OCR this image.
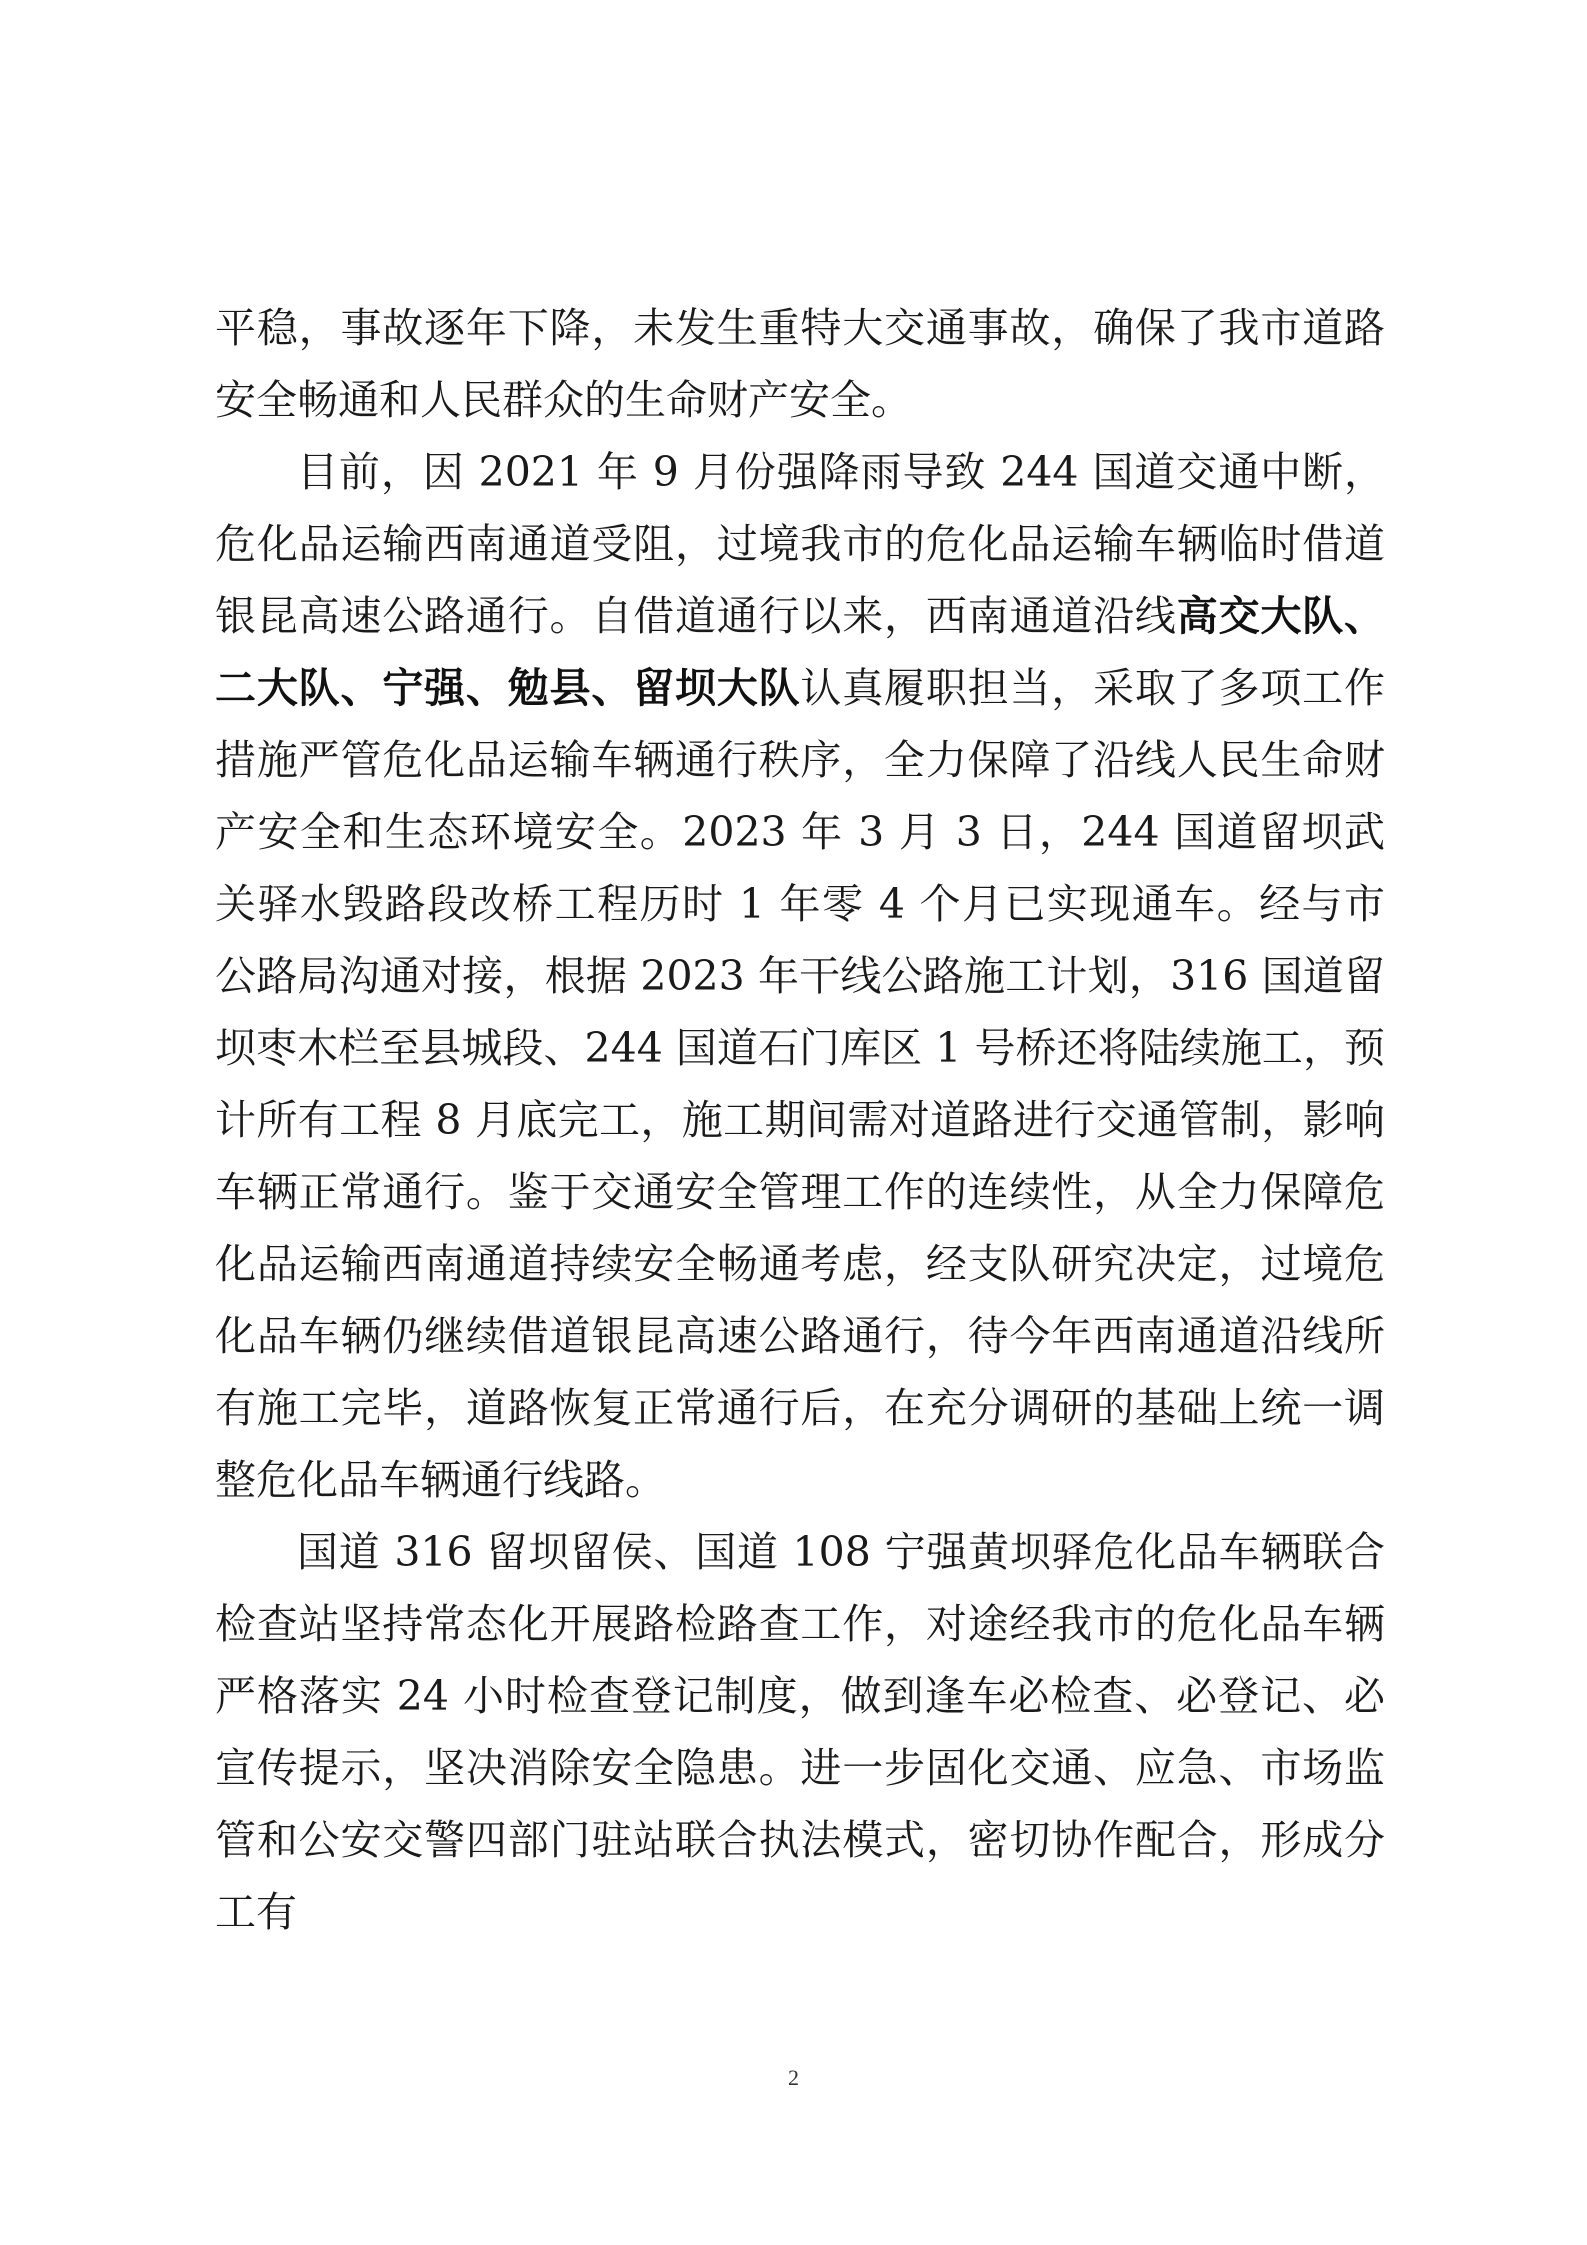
平稳，事故逐年下降，未发生重特大交通事故，确保了我市道路安全畅通和人民群众的生命财产安全。

目前，因 2021 年 9 月份强降雨导致 244 国道交通中断，危化品运输西南通道受阻，过境我市的危化品运输车辆临时借道银昆高速公路通行。自借道通行以来，西南通道沿线高交大队、二大队、宁强、勉县、留坝大队认真履职担当，采取了多项工作措施严管危化品运输车辆通行秩序，全力保障了沿线人民生命财产安全和生态环境安全。2023 年 3 月 3 日，244 国道留坝武关驿水毁路段改桥工程历时 1 年零 4 个月已实现通车。经与市公路局沟通对接，根据 2023 年干线公路施工计划，316 国道留坝枣木栏至县城段、244 国道石门库区 1 号桥还将陆续施工，预计所有工程 8 月底完工，施工期间需对道路进行交通管制，影响车辆正常通行。鉴于交通安全管理工作的连续性，从全力保障危化品运输西南通道持续安全畅通考虑，经支队研究决定，过境危化品车辆仍继续借道银昆高速公路通行，待今年西南通道沿线所有施工完毕，道路恢复正常通行后，在充分调研的基础上统一调整危化品车辆通行线路。

国道 316 留坝留侯、国道 108 宁强黄坝驿危化品车辆联合检查站坚持常态化开展路检路查工作，对途经我市的危化品车辆严格落实 24 小时检查登记制度，做到逢车必检查、必登记、必宣传提示，坚决消除安全隐患。进一步固化交通、应急、市场监管和公安交警四部门驻站联合执法模式，密切协作配合，形成分工有

2
